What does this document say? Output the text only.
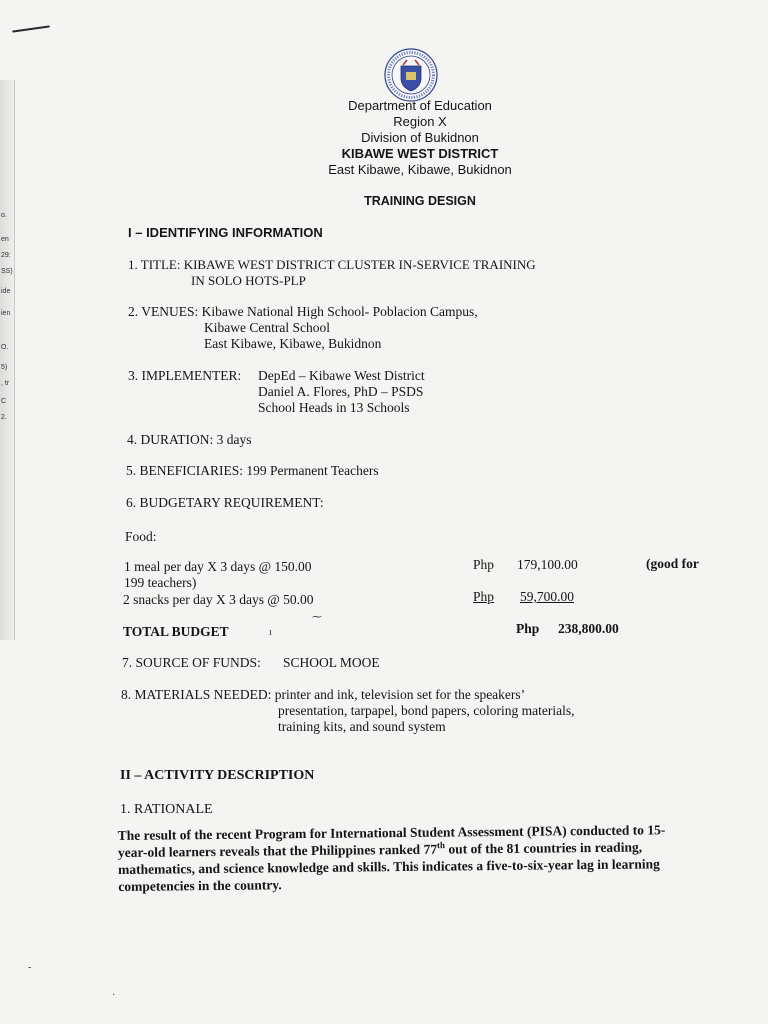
o.
en
29:
SS)
ide
ien
O.
5)
, tr
C
2.
Department of Education
Region X
Division of Bukidnon
KIBAWE WEST DISTRICT
East Kibawe, Kibawe, Bukidnon
TRAINING DESIGN
I – IDENTIFYING INFORMATION
1. TITLE: KIBAWE WEST DISTRICT CLUSTER IN-SERVICE TRAINING
IN SOLO HOTS-PLP
2. VENUES: Kibawe National High School- Poblacion Campus,
Kibawe Central School
East Kibawe, Kibawe, Bukidnon
3. IMPLEMENTER: DepEd – Kibawe West District
Daniel A. Flores, PhD – PSDS
School Heads in 13 Schools
4. DURATION: 3 days
5. BENEFICIARIES: 199 Permanent Teachers
6. BUDGETARY REQUIREMENT:
Food:
1 meal per day X 3 days @ 150.00	Php 179,100.00	(good for
199 teachers)
2 snacks per day X 3 days @ 50.00	Php 59,700.00
⁓
ı
TOTAL BUDGET	Php 238,800.00
7. SOURCE OF FUNDS: SCHOOL MOOE
8. MATERIALS NEEDED: printer and ink, television set for the speakers’
presentation, tarpapel, bond papers, coloring materials,
training kits, and sound system
II – ACTIVITY DESCRIPTION
1. RATIONALE
The result of the recent Program for International Student Assessment (PISA) conducted to 15-year-old learners reveals that the Philippines ranked 77th out of the 81 countries in reading, mathematics, and science knowledge and skills. This indicates a five-to-six-year lag in learning competencies in the country.
-
·
